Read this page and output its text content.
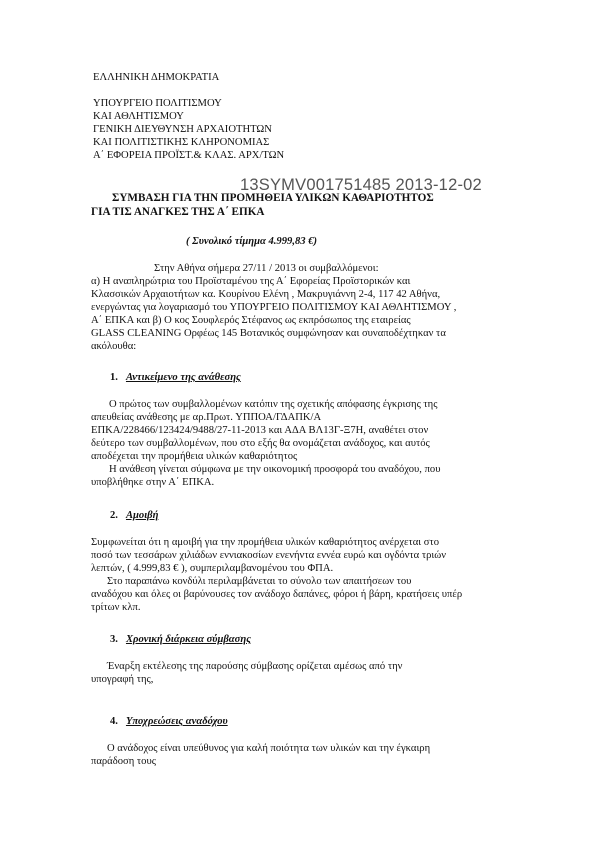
ΕΛΛΗΝΙΚΗ ΔΗΜΟΚΡΑΤΙΑ
ΥΠΟΥΡΓΕΙΟ ΠΟΛΙΤΙΣΜΟΥ
ΚΑΙ ΑΘΛΗΤΙΣΜΟΥ
ΓΕΝΙΚΗ ΔΙΕΥΘΥΝΣΗ ΑΡΧΑΙΟΤΗΤΩΝ
ΚΑΙ ΠΟΛΙΤΙΣΤΙΚΗΣ ΚΛΗΡΟΝΟΜΙΑΣ
Α΄ ΕΦΟΡΕΙΑ ΠΡΟΪΣΤ.& ΚΛΑΣ. ΑΡΧ/ΤΩΝ
13SYMV001751485 2013-12-02
ΣΥΜΒΑΣΗ ΓΙΑ ΤΗΝ ΠΡΟΜΗΘΕΙΑ ΥΛΙΚΩΝ ΚΑΘΑΡΙΟΤΗΤΟΣ
ΓΙΑ ΤΙΣ ΑΝΑΓΚΕΣ ΤΗΣ Α΄ ΕΠΚΑ
( Συνολικό τίμημα 4.999,83 €)
Στην Αθήνα σήμερα 27/11 / 2013 οι συμβαλλόμενοι:
α) Η αναπληρώτρια του Προϊσταμένου της Α΄ Εφορείας Προϊστορικών και
Κλασσικών Αρχαιοτήτων κα. Κουρίνου Ελένη , Μακρυγιάννη 2-4, 117 42 Αθήνα,
ενεργώντας για λογαριασμό του ΥΠΟΥΡΓΕΙΟ ΠΟΛΙΤΙΣΜΟΥ ΚΑΙ ΑΘΛΗΤΙΣΜΟΥ ,
Α΄ ΕΠΚΑ και β) Ο κος Σουφλερός Στέφανος ως εκπρόσωπος της εταιρείας
GLASS CLEANING Ορφέως 145 Βοτανικός συμφώνησαν και συναποδέχτηκαν τα
ακόλουθα:
1. Αντικείμενο της ανάθεσης
Ο πρώτος των συμβαλλομένων κατόπιν της σχετικής απόφασης έγκρισης της
απευθείας ανάθεσης με αρ.Πρωτ. ΥΠΠΟΑ/ΓΔΑΠΚ/Α
ΕΠΚΑ/228466/123424/9488/27-11-2013 και ΑΔΑ ΒΛ13Γ-Ξ7Η, αναθέτει στον
δεύτερο των συμβαλλομένων, που στο εξής θα ονομάζεται ανάδοχος, και αυτός
αποδέχεται την προμήθεια υλικών καθαριότητος
Η ανάθεση γίνεται σύμφωνα με την οικονομική προσφορά του αναδόχου, που
υποβλήθηκε στην Α΄ ΕΠΚΑ.
2. Αμοιβή
Συμφωνείται ότι η αμοιβή για την προμήθεια υλικών καθαριότητος ανέρχεται στο
ποσό των τεσσάρων χιλιάδων εννιακοσίων ενενήντα εννέα ευρώ και ογδόντα τριών
λεπτών, ( 4.999,83 € ), συμπεριλαμβανομένου του ΦΠΑ.
Στο παραπάνω κονδύλι περιλαμβάνεται το σύνολο των απαιτήσεων του
αναδόχου και όλες οι βαρύνουσες τον ανάδοχο δαπάνες, φόροι ή βάρη, κρατήσεις υπέρ
τρίτων κλπ.
3. Χρονική διάρκεια σύμβασης
Έναρξη εκτέλεσης της παρούσης σύμβασης ορίζεται αμέσως από την
υπογραφή της,
4. Υποχρεώσεις αναδόχου
Ο ανάδοχος είναι υπεύθυνος για καλή ποιότητα των υλικών και την έγκαιρη
παράδοση τους
